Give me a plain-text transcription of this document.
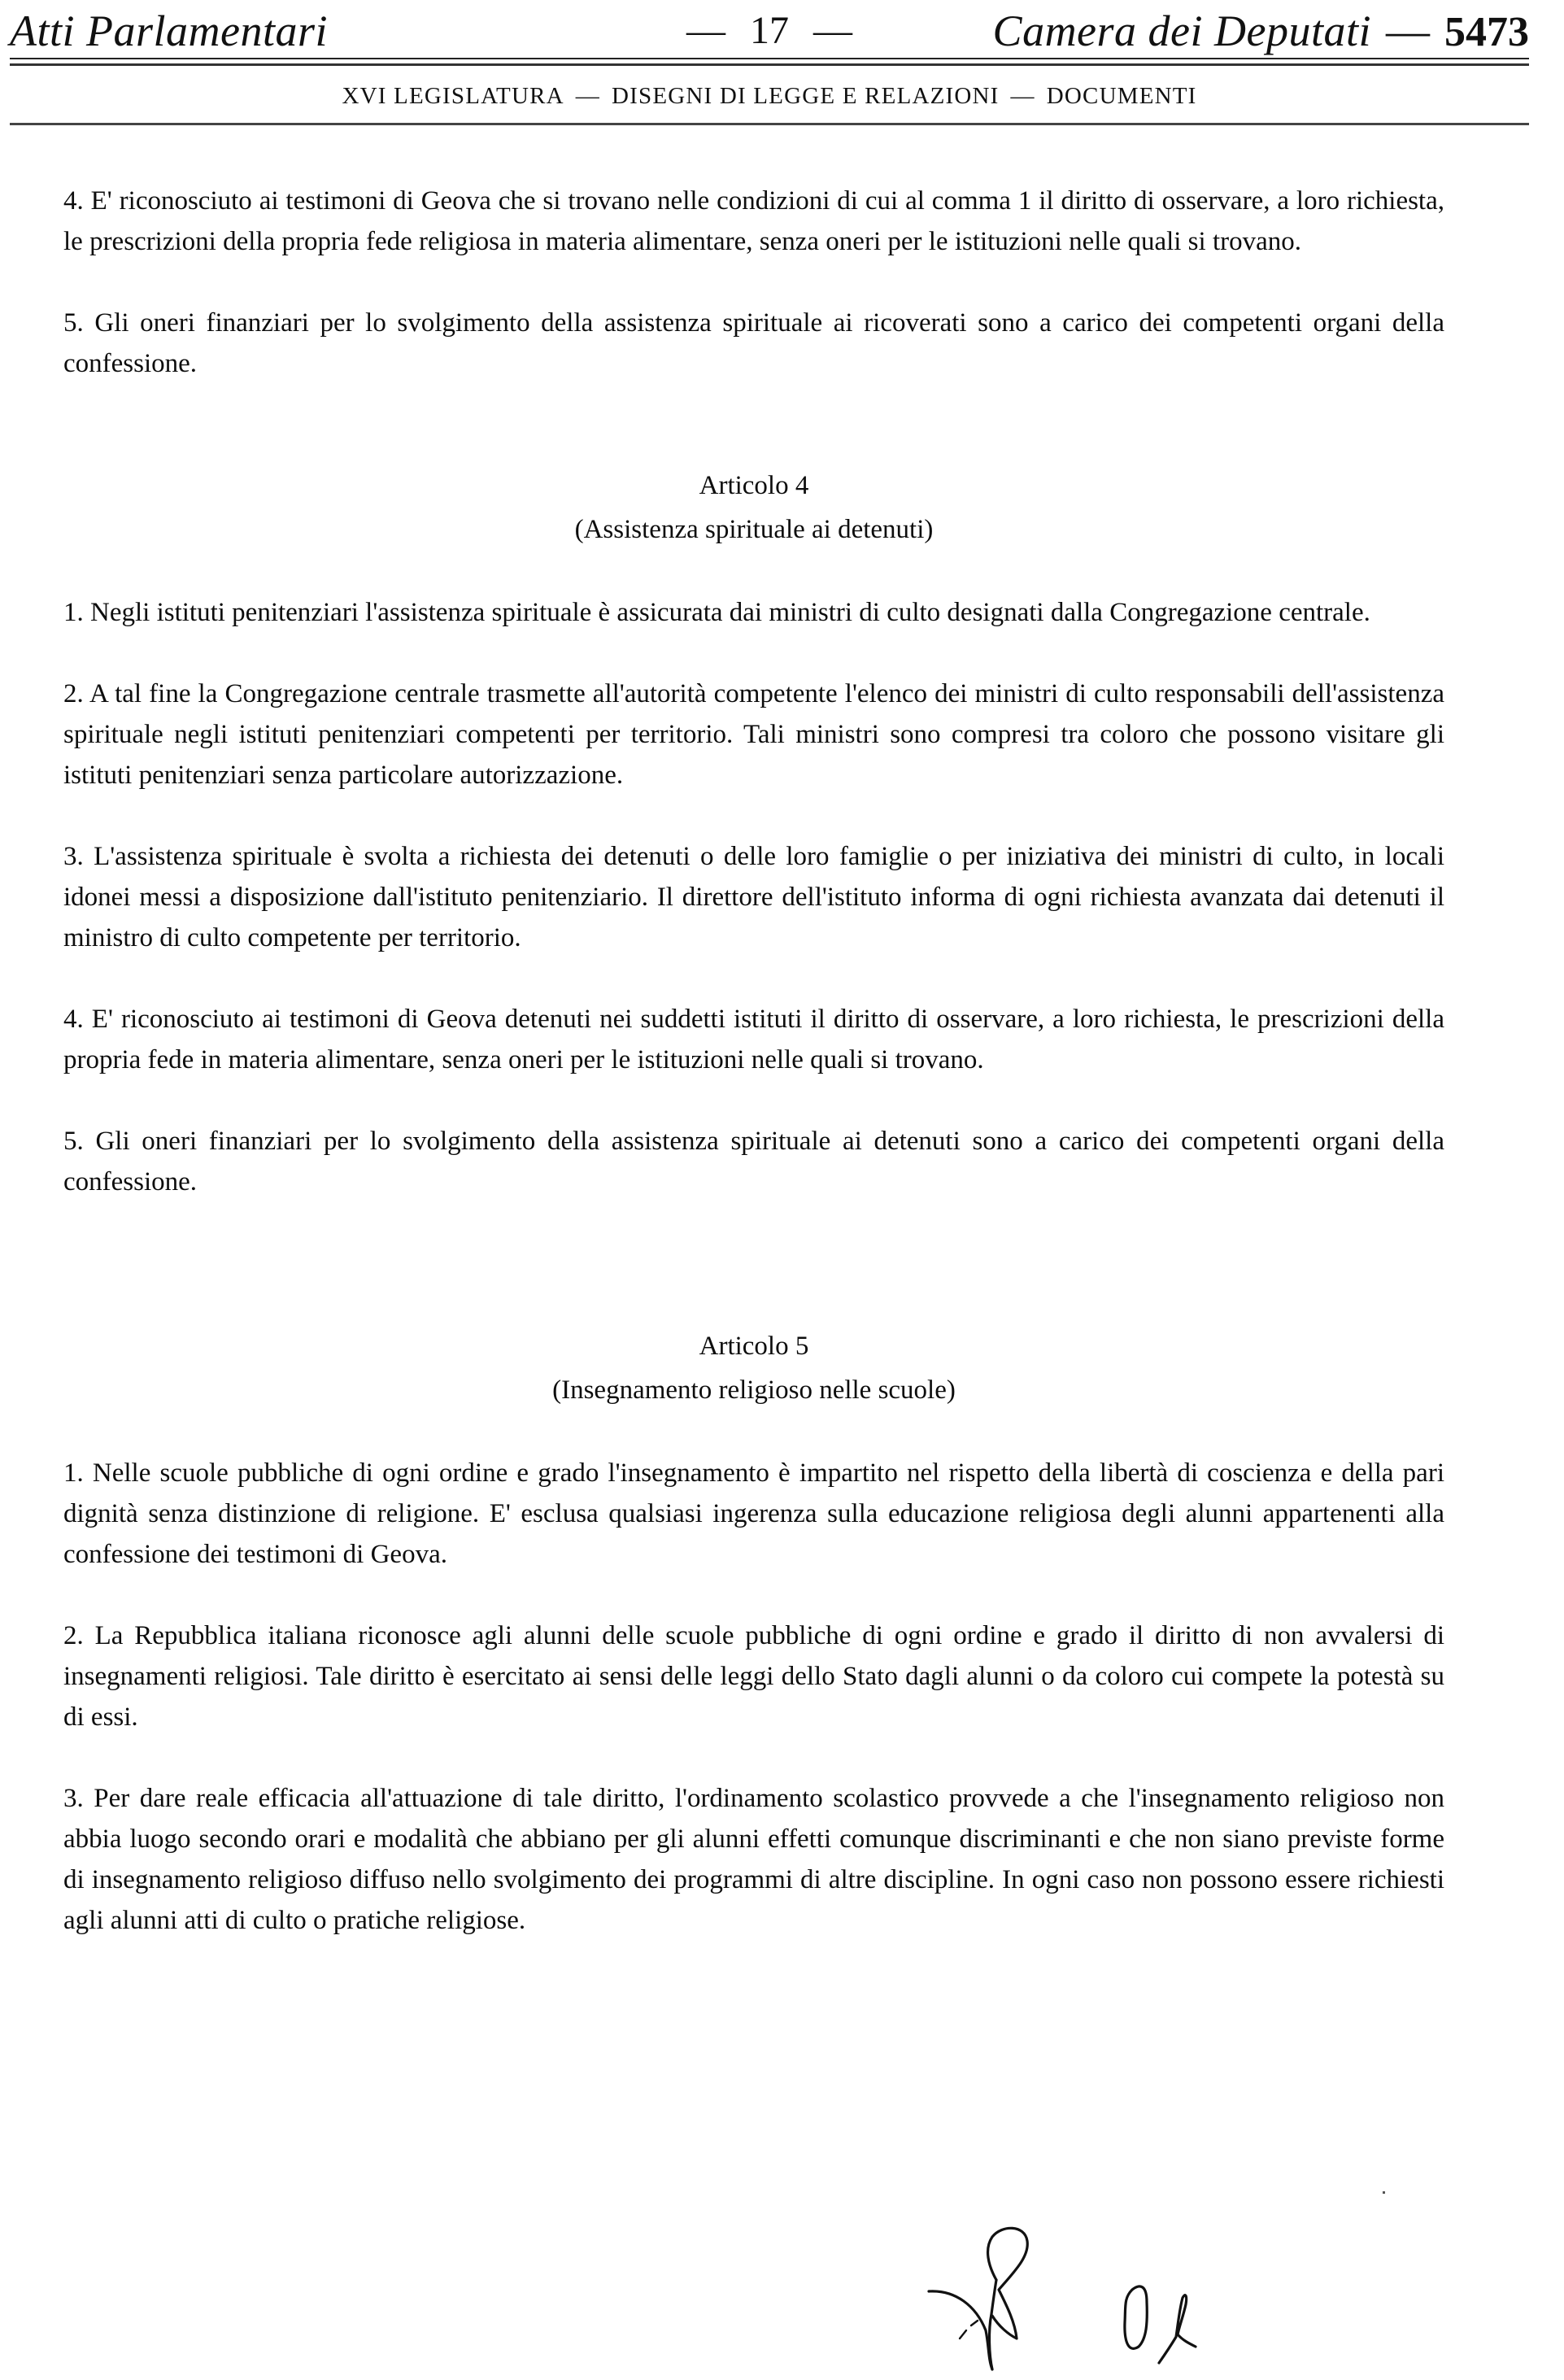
Atti Parlamentari	— 17 —	Camera dei Deputati — 5473
XVI LEGISLATURA — DISEGNI DI LEGGE E RELAZIONI — DOCUMENTI

4. E' riconosciuto ai testimoni di Geova che si trovano nelle condizioni di cui al comma 1 il diritto di osservare, a loro richiesta, le prescrizioni della propria fede religiosa in materia alimentare, senza oneri per le istituzioni nelle quali si trovano.

5. Gli oneri finanziari per lo svolgimento della assistenza spirituale ai ricoverati sono a carico dei competenti organi della confessione.

Articolo 4
(Assistenza spirituale ai detenuti)

1. Negli istituti penitenziari l'assistenza spirituale è assicurata dai ministri di culto designati dalla Congregazione centrale.

2. A tal fine la Congregazione centrale trasmette all'autorità competente l'elenco dei ministri di culto responsabili dell'assistenza spirituale negli istituti penitenziari competenti per territorio. Tali ministri sono compresi tra coloro che possono visitare gli istituti penitenziari senza particolare autorizzazione.

3. L'assistenza spirituale è svolta a richiesta dei detenuti o delle loro famiglie o per iniziativa dei ministri di culto, in locali idonei messi a disposizione dall'istituto penitenziario. Il direttore dell'istituto informa di ogni richiesta avanzata dai detenuti il ministro di culto competente per territorio.

4. E' riconosciuto ai testimoni di Geova detenuti nei suddetti istituti il diritto di osservare, a loro richiesta, le prescrizioni della propria fede in materia alimentare, senza oneri per le istituzioni nelle quali si trovano.

5. Gli oneri finanziari per lo svolgimento della assistenza spirituale ai detenuti sono a carico dei competenti organi della confessione.

Articolo 5
(Insegnamento religioso nelle scuole)

1. Nelle scuole pubbliche di ogni ordine e grado l'insegnamento è impartito nel rispetto della libertà di coscienza e della pari dignità senza distinzione di religione. E' esclusa qualsiasi ingerenza sulla educazione religiosa degli alunni appartenenti alla confessione dei testimoni di Geova.

2. La Repubblica italiana riconosce agli alunni delle scuole pubbliche di ogni ordine e grado il diritto di non avvalersi di insegnamenti religiosi. Tale diritto è esercitato ai sensi delle leggi dello Stato dagli alunni o da coloro cui compete la potestà su di essi.

3. Per dare reale efficacia all'attuazione di tale diritto, l'ordinamento scolastico provvede a che l'insegnamento religioso non abbia luogo secondo orari e modalità che abbiano per gli alunni effetti comunque discriminanti e che non siano previste forme di insegnamento religioso diffuso nello svolgimento dei programmi di altre discipline. In ogni caso non possono essere richiesti agli alunni atti di culto o pratiche religiose.
